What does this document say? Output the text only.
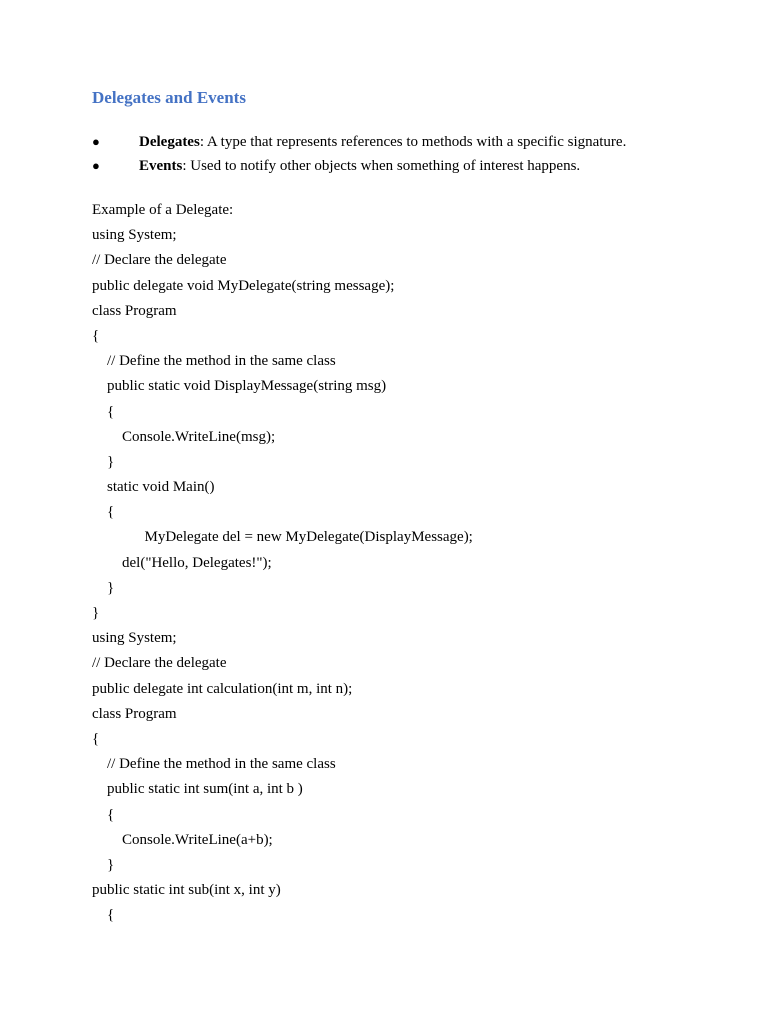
Delegates and Events
●	Delegates: A type that represents references to methods with a specific signature.
●	Events: Used to notify other objects when something of interest happens.
Example of a Delegate:
using System;
// Declare the delegate
public delegate void MyDelegate(string message);
class Program
{
// Define the method in the same class
public static void DisplayMessage(string msg)
{
Console.WriteLine(msg);
}
static void Main()
{
MyDelegate del = new MyDelegate(DisplayMessage);
del("Hello, Delegates!");
}
}
using System;
// Declare the delegate
public delegate int calculation(int m, int n);
class Program
{
// Define the method in the same class
public static int sum(int a, int b )
{
Console.WriteLine(a+b);
}
public static int sub(int x, int y)
{
